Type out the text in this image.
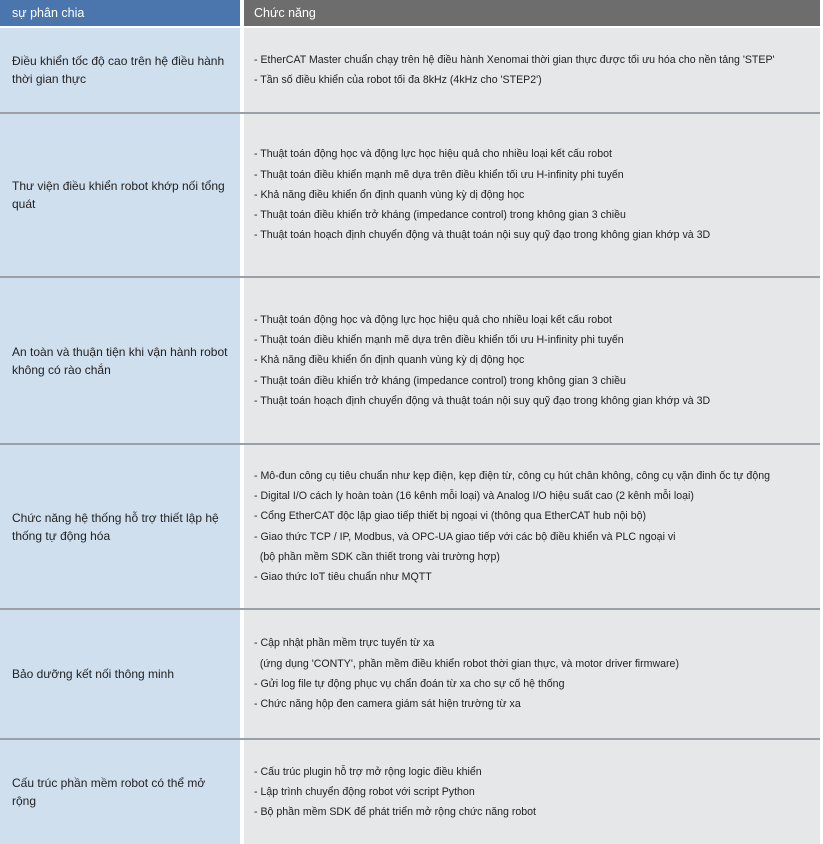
sự phân chia	Chức năng
Điều khiển tốc độ cao trên hệ điều hành thời gian thực
- EtherCAT Master chuẩn chạy trên hệ điều hành Xenomai thời gian thực được tối ưu hóa cho nền tảng 'STEP'
- Tần số điều khiển của robot tối đa 8kHz (4kHz cho 'STEP2')
Thư viện điều khiển robot khớp nối tổng quát
- Thuật toán động học và động lực học hiệu quả cho nhiều loại kết cấu robot
- Thuật toán điều khiển mạnh mẽ dựa trên điều khiển tối ưu H-infinity phi tuyến
- Khả năng điều khiển ổn định quanh vùng kỳ dị động học
- Thuật toán điều khiển trở kháng (impedance control) trong không gian 3 chiều
- Thuật toán hoạch định chuyển động và thuật toán nội suy quỹ đạo trong không gian khớp và 3D
An toàn và thuận tiện khi vận hành robot không có rào chắn
- Thuật toán động học và động lực học hiệu quả cho nhiều loại kết cấu robot
- Thuật toán điều khiển mạnh mẽ dựa trên điều khiển tối ưu H-infinity phi tuyến
- Khả năng điều khiển ổn định quanh vùng kỳ dị động học
- Thuật toán điều khiển trở kháng (impedance control) trong không gian 3 chiều
- Thuật toán hoạch định chuyển động và thuật toán nội suy quỹ đạo trong không gian khớp và 3D
Chức năng hệ thống hỗ trợ thiết lập hệ thống tự động hóa
- Mô-đun công cụ tiêu chuẩn như kẹp điện, kẹp điện từ, công cụ hút chân không, công cụ vặn đinh ốc tự động
- Digital I/O cách ly hoàn toàn (16 kênh mỗi loại) và Analog I/O hiệu suất cao (2 kênh mỗi loại)
- Cổng EtherCAT độc lập giao tiếp thiết bị ngoại vi (thông qua EtherCAT hub nội bộ)
- Giao thức TCP / IP, Modbus, và OPC-UA giao tiếp với các bộ điều khiển và PLC ngoại vi
(bộ phần mềm SDK cần thiết trong vài trường hợp)
- Giao thức IoT tiêu chuẩn như MQTT
Bảo dưỡng kết nối thông minh
- Cập nhật phần mềm trực tuyến từ xa
(ứng dụng 'CONTY', phần mềm điều khiển robot thời gian thực, và motor driver firmware)
- Gửi log file tự động phục vụ chẩn đoán từ xa cho sự cố hệ thống
- Chức năng hộp đen camera giám sát hiện trường từ xa
Cấu trúc phần mềm robot có thể mở rộng
- Cấu trúc plugin hỗ trợ mở rộng logic điều khiển
- Lập trình chuyển động robot với script Python
- Bộ phần mềm SDK để phát triển mở rộng chức năng robot
